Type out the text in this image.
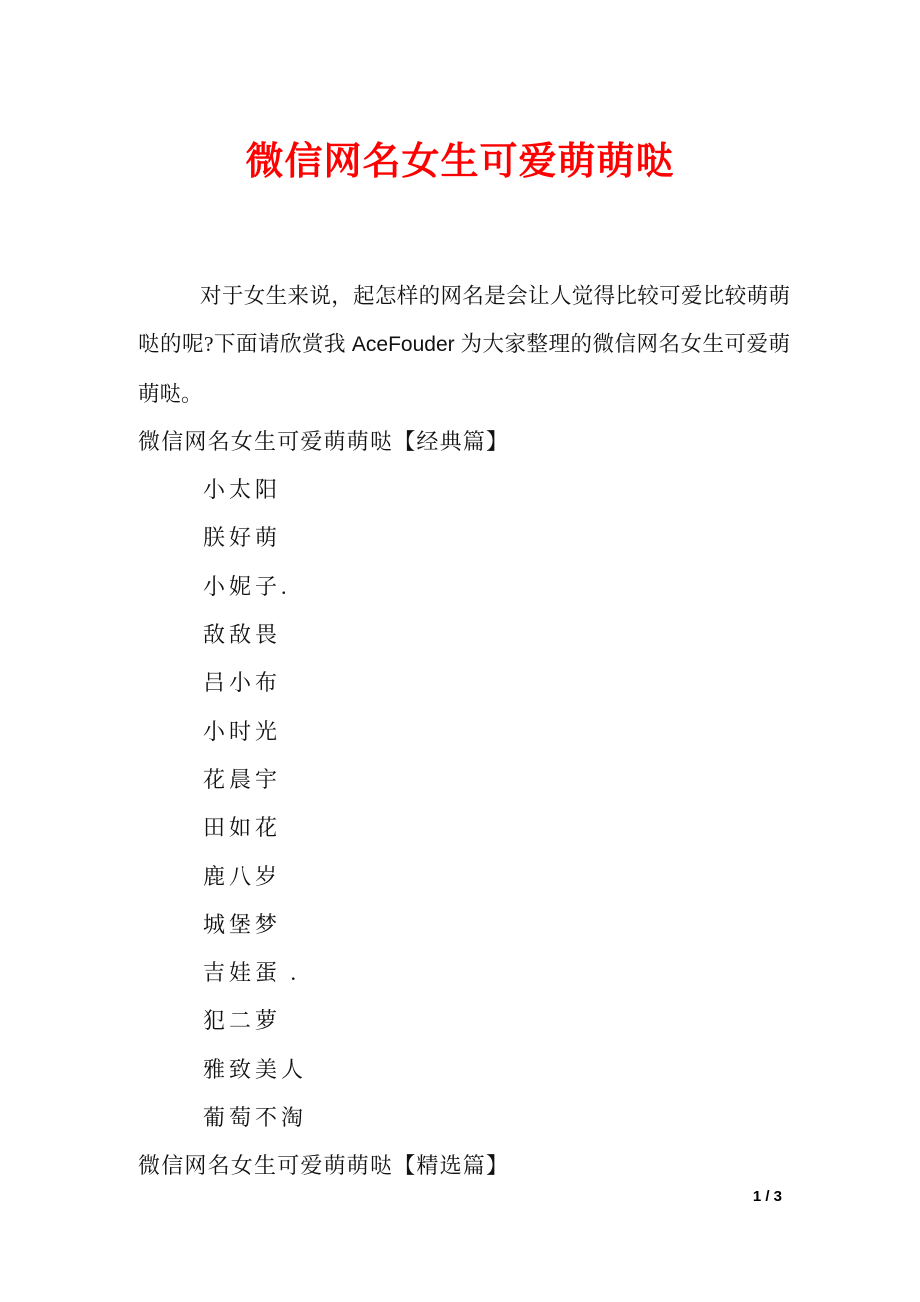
微信网名女生可爱萌萌哒

对于女生来说，起怎样的网名是会让人觉得比较可爱比较萌萌哒的呢?下面请欣赏我 AceFouder 为大家整理的微信网名女生可爱萌萌哒。

微信网名女生可爱萌萌哒【经典篇】
小太阳
朕好萌
小妮子.
敌敌畏
吕小布
小时光
花晨宇
田如花
鹿八岁
城堡梦
吉娃蛋 .
犯二萝
雅致美人
葡萄不淘
微信网名女生可爱萌萌哒【精选篇】
1 / 3
